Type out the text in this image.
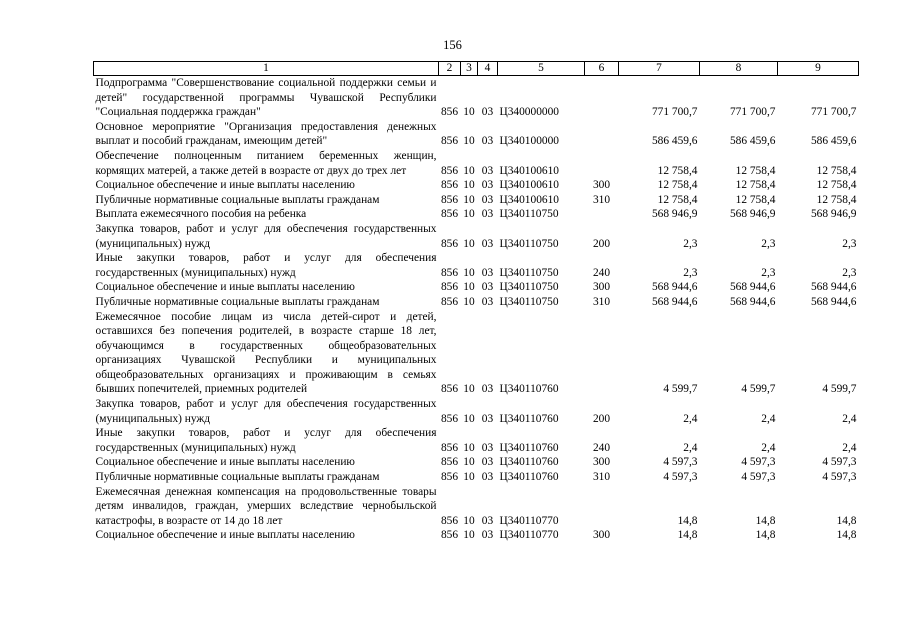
156
1	2	3	4	5	6	7	8	9
Подпрограмма "Совершенствование социальной поддержки семьи и детей" государственной программы Чувашской Республики "Социальная поддержка граждан"	856	10	03	Ц340000000		771 700,7	771 700,7	771 700,7
Основное мероприятие "Организация предоставления денежных выплат и пособий гражданам, имеющим детей"	856	10	03	Ц340100000		586 459,6	586 459,6	586 459,6
Обеспечение полноценным питанием беременных женщин, кормящих матерей, а также детей в возрасте от двух до трех лет	856	10	03	Ц340100610		12 758,4	12 758,4	12 758,4
Социальное обеспечение и иные выплаты населению	856	10	03	Ц340100610	300	12 758,4	12 758,4	12 758,4
Публичные нормативные социальные выплаты гражданам	856	10	03	Ц340100610	310	12 758,4	12 758,4	12 758,4
Выплата ежемесячного пособия на ребенка	856	10	03	Ц340110750		568 946,9	568 946,9	568 946,9
Закупка товаров, работ и услуг для обеспечения государственных (муниципальных) нужд	856	10	03	Ц340110750	200	2,3	2,3	2,3
Иные закупки товаров, работ и услуг для обеспечения государственных (муниципальных) нужд	856	10	03	Ц340110750	240	2,3	2,3	2,3
Социальное обеспечение и иные выплаты населению	856	10	03	Ц340110750	300	568 944,6	568 944,6	568 944,6
Публичные нормативные социальные выплаты гражданам	856	10	03	Ц340110750	310	568 944,6	568 944,6	568 944,6
Ежемесячное пособие лицам из числа детей-сирот и детей, оставшихся без попечения родителей, в возрасте старше 18 лет, обучающимся в государственных общеобразовательных организациях Чувашской Республики и муниципальных общеобразовательных организациях и проживающим в семьях бывших попечителей, приемных родителей	856	10	03	Ц340110760		4 599,7	4 599,7	4 599,7
Закупка товаров, работ и услуг для обеспечения государственных (муниципальных) нужд	856	10	03	Ц340110760	200	2,4	2,4	2,4
Иные закупки товаров, работ и услуг для обеспечения государственных (муниципальных) нужд	856	10	03	Ц340110760	240	2,4	2,4	2,4
Социальное обеспечение и иные выплаты населению	856	10	03	Ц340110760	300	4 597,3	4 597,3	4 597,3
Публичные нормативные социальные выплаты гражданам	856	10	03	Ц340110760	310	4 597,3	4 597,3	4 597,3
Ежемесячная денежная компенсация на продовольственные товары детям инвалидов, граждан, умерших вследствие чернобыльской катастрофы, в возрасте от 14 до 18 лет	856	10	03	Ц340110770		14,8	14,8	14,8
Социальное обеспечение и иные выплаты населению	856	10	03	Ц340110770	300	14,8	14,8	14,8
